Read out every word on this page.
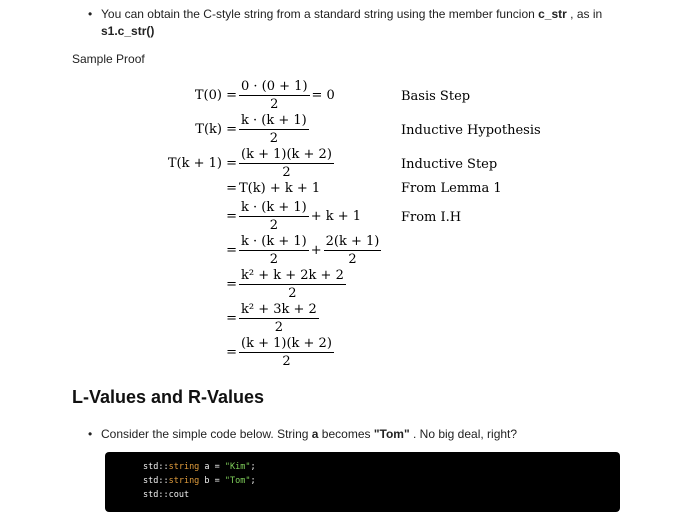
• You can obtain the C-style string from a standard string using the member funcion c_str , as in
s1.c_str()
Sample Proof
$T(0) = \frac{0 \cdot (0 + 1)}{2} = 0$	Basis Step
$T(k) = \frac{k \cdot (k + 1)}{2}$	Inductive Hypothesis
$T(k + 1) = \frac{(k + 1)(k + 2)}{2}$	Inductive Step
= T(k) + k + 1	From Lemma 1
= $\frac{k \cdot (k + 1)}{2} + k + 1$	From I.H
= $\frac{k \cdot (k + 1)}{2} + \frac{2(k + 1)}{2}$
= $\frac{\text{k² + k + 2k + 2}}{2}$
= $\frac{\text{k² + 3k + 2}}{2}$
= $\frac{(k + 1)(k + 2)}{2}$
L-Values and R-Values
• Consider the simple code below. String a becomes "Tom" . No big deal, right?
std::string a = "Kim";
std::string b = "Tom";
std::cout
